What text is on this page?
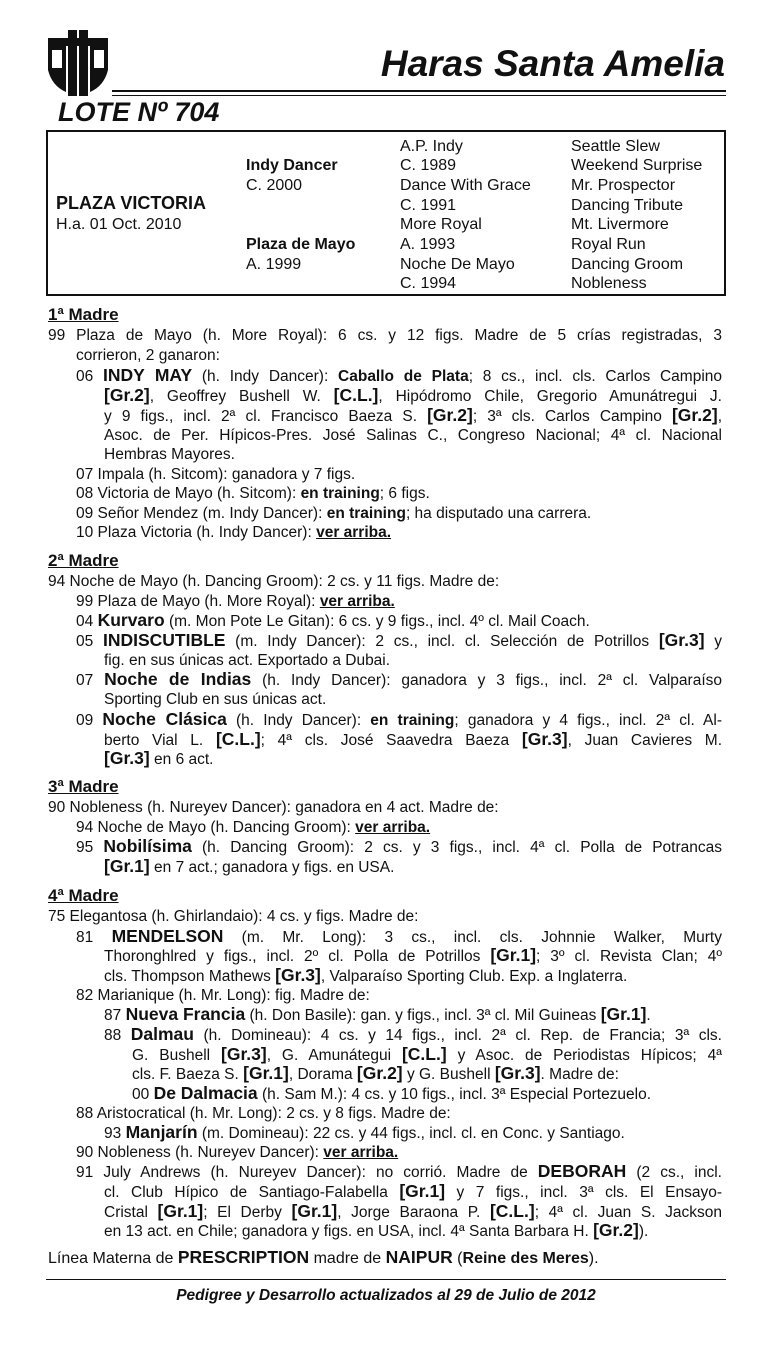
Haras Santa Amelia
LOTE Nº 704
PLAZA VICTORIA
H.a. 01 Oct. 2010
Indy Dancer
C. 2000
Plaza de Mayo
A. 1999
A.P. Indy
C. 1989
Dance With Grace
C. 1991
More Royal
A. 1993
Noche De Mayo
C. 1994
Seattle Slew
Weekend Surprise
Mr. Prospector
Dancing Tribute
Mt. Livermore
Royal Run
Dancing Groom
Nobleness
1ª Madre
99 Plaza de Mayo (h. More Royal): 6 cs. y 12 figs. Madre de 5 crías registradas, 3
corrieron, 2 ganaron:
06 INDY MAY (h. Indy Dancer): Caballo de Plata; 8 cs., incl. cls. Carlos Campino
[Gr.2], Geoffrey Bushell W. [C.L.], Hipódromo Chile, Gregorio Amunátregui J.
y 9 figs., incl. 2ª cl. Francisco Baeza S. [Gr.2]; 3ª cls. Carlos Campino [Gr.2],
Asoc. de Per. Hípicos-Pres. José Salinas C., Congreso Nacional; 4ª cl. Nacional
Hembras Mayores.
07 Impala (h. Sitcom): ganadora y 7 figs.
08 Victoria de Mayo (h. Sitcom): en training; 6 figs.
09 Señor Mendez (m. Indy Dancer): en training; ha disputado una carrera.
10 Plaza Victoria (h. Indy Dancer): ver arriba.
2ª Madre
94 Noche de Mayo (h. Dancing Groom): 2 cs. y 11 figs. Madre de:
99 Plaza de Mayo (h. More Royal): ver arriba.
04 Kurvaro (m. Mon Pote Le Gitan): 6 cs. y 9 figs., incl. 4º cl. Mail Coach.
05 INDISCUTIBLE (m. Indy Dancer): 2 cs., incl. cl. Selección de Potrillos [Gr.3] y
fig. en sus únicas act. Exportado a Dubai.
07 Noche de Indias (h. Indy Dancer): ganadora y 3 figs., incl. 2ª cl. Valparaíso
Sporting Club en sus únicas act.
09 Noche Clásica (h. Indy Dancer): en training; ganadora y 4 figs., incl. 2ª cl. Al-
berto Vial L. [C.L.]; 4ª cls. José Saavedra Baeza [Gr.3], Juan Cavieres M.
[Gr.3] en 6 act.
3ª Madre
90 Nobleness (h. Nureyev Dancer): ganadora en 4 act. Madre de:
94 Noche de Mayo (h. Dancing Groom): ver arriba.
95 Nobilísima (h. Dancing Groom): 2 cs. y 3 figs., incl. 4ª cl. Polla de Potrancas
[Gr.1] en 7 act.; ganadora y figs. en USA.
4ª Madre
75 Elegantosa (h. Ghirlandaio): 4 cs. y figs. Madre de:
81 MENDELSON (m. Mr. Long): 3 cs., incl. cls. Johnnie Walker, Murty
Thoronghlred y figs., incl. 2º cl. Polla de Potrillos [Gr.1]; 3º cl. Revista Clan; 4º
cls. Thompson Mathews [Gr.3], Valparaíso Sporting Club. Exp. a Inglaterra.
82 Marianique (h. Mr. Long): fig. Madre de:
87 Nueva Francia (h. Don Basile): gan. y figs., incl. 3ª cl. Mil Guineas [Gr.1].
88 Dalmau (h. Domineau): 4 cs. y 14 figs., incl. 2ª cl. Rep. de Francia; 3ª cls.
G. Bushell [Gr.3], G. Amunátegui [C.L.] y Asoc. de Periodistas Hípicos; 4ª
cls. F. Baeza S. [Gr.1], Dorama [Gr.2] y G. Bushell [Gr.3]. Madre de:
00 De Dalmacia (h. Sam M.): 4 cs. y 10 figs., incl. 3ª Especial Portezuelo.
88 Aristocratical (h. Mr. Long): 2 cs. y 8 figs. Madre de:
93 Manjarín (m. Domineau): 22 cs. y 44 figs., incl. cl. en Conc. y Santiago.
90 Nobleness (h. Nureyev Dancer): ver arriba.
91 July Andrews (h. Nureyev Dancer): no corrió. Madre de DEBORAH (2 cs., incl.
cl. Club Hípico de Santiago-Falabella [Gr.1] y 7 figs., incl. 3ª cls. El Ensayo-
Cristal [Gr.1]; El Derby [Gr.1], Jorge Baraona P. [C.L.]; 4ª cl. Juan S. Jackson
en 13 act. en Chile; ganadora y figs. en USA, incl. 4ª Santa Barbara H. [Gr.2]).
Línea Materna de PRESCRIPTION madre de NAIPUR (Reine des Meres).
Pedigree y Desarrollo actualizados al 29 de Julio de 2012
